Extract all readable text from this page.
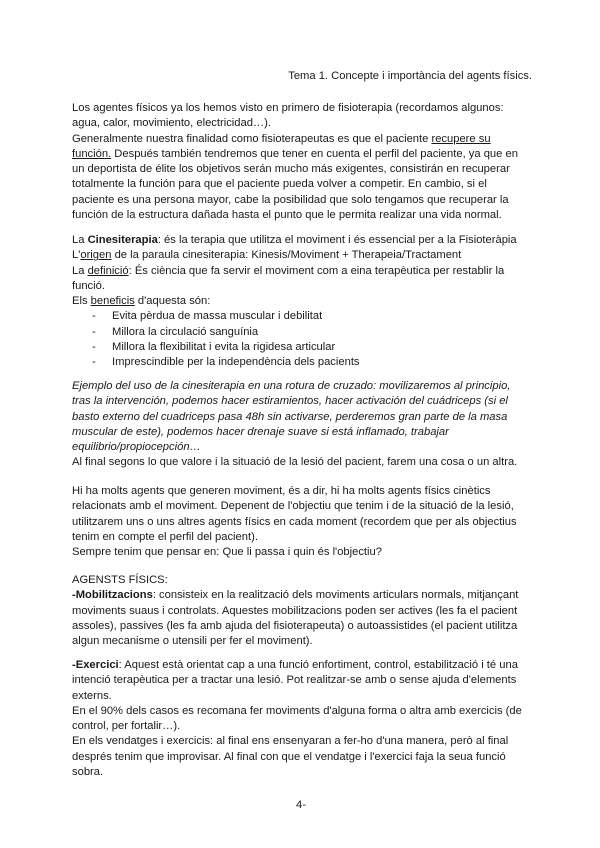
Tema 1. Concepte i importància del agents físics.

Los agentes físicos ya los hemos visto en primero de fisioterapia (recordamos algunos: agua, calor, movimiento, electricidad…).

Generalmente nuestra finalidad como fisioterapeutas es que el paciente recupere su función. Después también tendremos que tener en cuenta el perfil del paciente, ya que en un deportista de élite los objetivos serán mucho más exigentes, consistirán en recuperar totalmente la función para que el paciente pueda volver a competir. En cambio, si el paciente es una persona mayor, cabe la posibilidad que solo tengamos que recuperar la función de la estructura dañada hasta el punto que le permita realizar una vida normal.

La Cinesiterapia: és la terapia que utilitza el moviment i és essencial per a la Fisioteràpia

L'origen de la paraula cinesiterapia: Kinesis/Moviment + Therapeia/Tractament

La definició: És ciència que fa servir el moviment com a eina terapèutica per restablir la funció.

Els beneficis d'aquesta són:

- Evita pèrdua de massa muscular i debilitat
- Millora la circulació sanguínia
- Millora la flexibilitat i evita la rigidesa articular
- Imprescindible per la independència dels pacients

Ejemplo del uso de la cinesiterapia en una rotura de cruzado: movilizaremos al principio, tras la intervención, podemos hacer estiramientos, hacer activación del cuádriceps (si el basto externo del cuadriceps pasa 48h sin activarse, perderemos gran parte de la masa muscular de este), podemos hacer drenaje suave si está inflamado, trabajar equilibrio/propiocepción…

Al final segons lo que valore i la situació de la lesió del pacient, farem una cosa o un altra.

Hi ha molts agents que generen moviment, és a dir, hi ha molts agents físics cinètics relacionats amb el moviment. Depenent de l'objectiu que tenim i de la situació de la lesió, utilitzarem uns o uns altres agents físics en cada moment (recordem que per als objectius tenim en compte el perfil del pacient).

Sempre tenim que pensar en: Que li passa i quin és l'objectiu?

AGENSTS FÍSICS:

-Mobilitzacions: consisteix en la realització dels moviments articulars normals, mitjançant moviments suaus i controlats. Aquestes mobilitzacions poden ser actives (les fa el pacient assoles), passives (les fa amb ajuda del fisioterapeuta) o autoassistides (el pacient utilitza algun mecanisme o utensili per fer el moviment).

-Exercici: Aquest està orientat cap a una funció enfortiment, control, estabilització i té una intenció terapèutica per a tractar una lesió. Pot realitzar-se amb o sense ajuda d'elements externs.

En el 90% dels casos es recomana fer moviments d'alguna forma o altra amb exercicis (de control, per fortalir…).

En els vendatges i exercicis: al final ens ensenyaran a fer-ho d'una manera, però al final després tenim que improvisar. Al final con que el vendatge i l'exercici faja la seua funció sobra.

4-
